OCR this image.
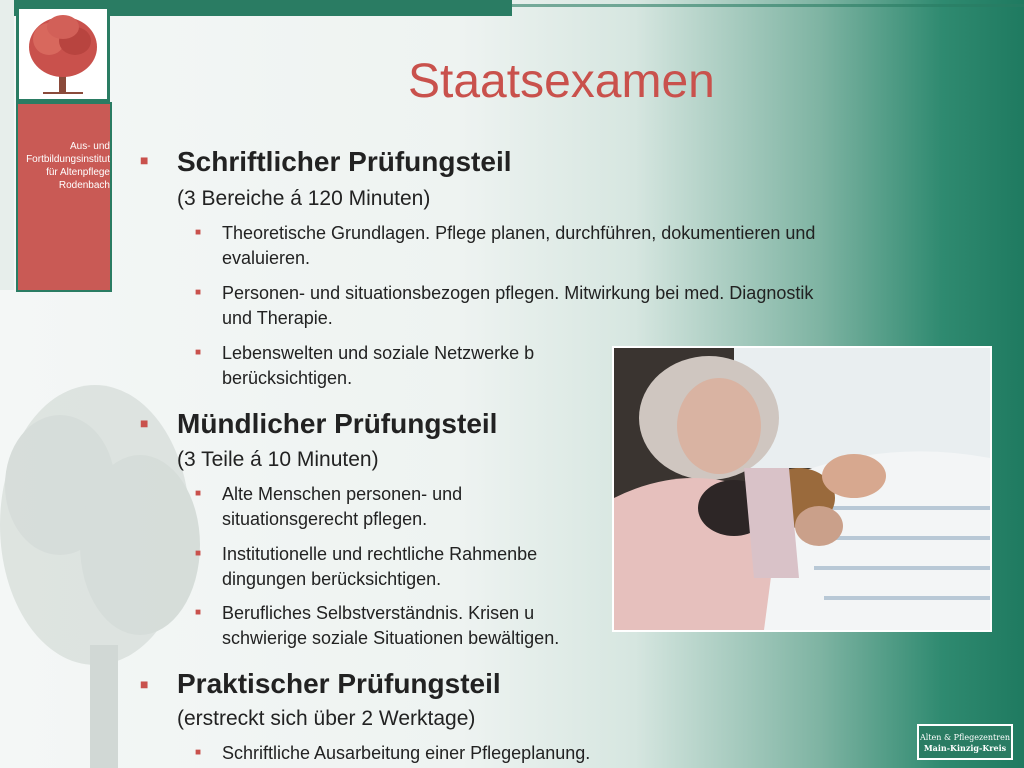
Aus- und
Fortbildungsinstitut
für Altenpflege
Rodenbach
Staatsexamen
■ Schriftlicher Prüfungsteil
(3 Bereiche á 120 Minuten)
■ Theoretische Grundlagen. Pflege planen, durchführen, dokumentieren und
evaluieren.
■ Personen- und situationsbezogen pflegen. Mitwirkung bei med. Diagnostik
und Therapie.
■ Lebenswelten und soziale Netzwerke b
berücksichtigen.
■ Mündlicher Prüfungsteil
(3 Teile á 10 Minuten)
■ Alte Menschen personen- und
situationsgerecht pflegen.
■ Institutionelle und rechtliche Rahmenbe
dingungen berücksichtigen.
■ Berufliches Selbstverständnis. Krisen u
schwierige soziale Situationen bewältigen.
■ Praktischer Prüfungsteil
(erstreckt sich über 2 Werktage)
■ Schriftliche Ausarbeitung einer Pflegeplanung.
Alten & Pflegezentren
Main-Kinzig-Kreis
